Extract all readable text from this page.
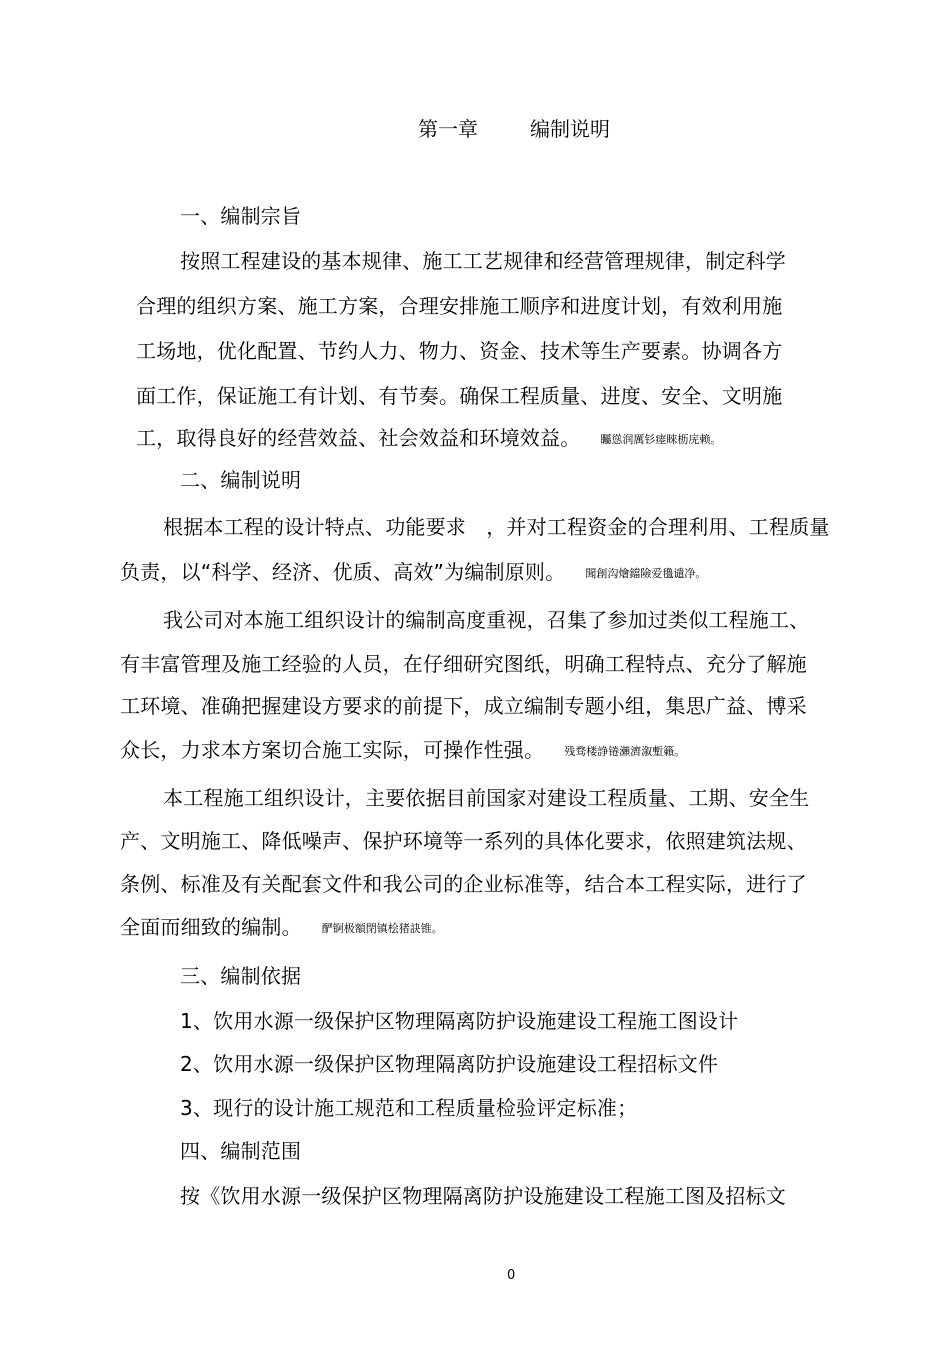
第一章	编制说明
一、编制宗旨
按照工程建设的基本规律、施工工艺规律和经营管理规律，制定科学
合理的组织方案、施工方案，合理安排施工顺序和进度计划，有效利用施
工场地，优化配置、节约人力、物力、资金、技术等生产要素。协调各方
面工作，保证施工有计划、有节奏。确保工程质量、进度、安全、文明施
工，取得良好的经营效益、社会效益和环境效益。 矚慫润厲钐瘗睞枥庑赖。
二、编制说明
根据本工程的设计特点、功能要求　，并对工程资金的合理利用、工程质量
负责，以“科学、经济、优质、高效”为编制原则。 聞創沟燴鐺險爱氇谴净。
我公司对本施工组织设计的编制高度重视，召集了参加过类似工程施工、
有丰富管理及施工经验的人员，在仔细研究图纸，明确工程特点、充分了解施
工环境、准确把握建设方要求的前提下，成立编制专题小组，集思广益、博采
众长，力求本方案切合施工实际，可操作性强。 残骛楼諍锩瀨濟溆塹籟。
本工程施工组织设计，主要依据目前国家对建设工程质量、工期、安全生
产、文明施工、降低噪声、保护环境等一系列的具体化要求，依照建筑法规、
条例、标准及有关配套文件和我公司的企业标准等，结合本工程实际，进行了
全面而细致的编制。 酽锕极額閉镇桧猪訣锥。
三、编制依据
1、饮用水源一级保护区物理隔离防护设施建设工程施工图设计
2、饮用水源一级保护区物理隔离防护设施建设工程招标文件
3、现行的设计施工规范和工程质量检验评定标准；
四、编制范围
按《饮用水源一级保护区物理隔离防护设施建设工程施工图及招标文
0
